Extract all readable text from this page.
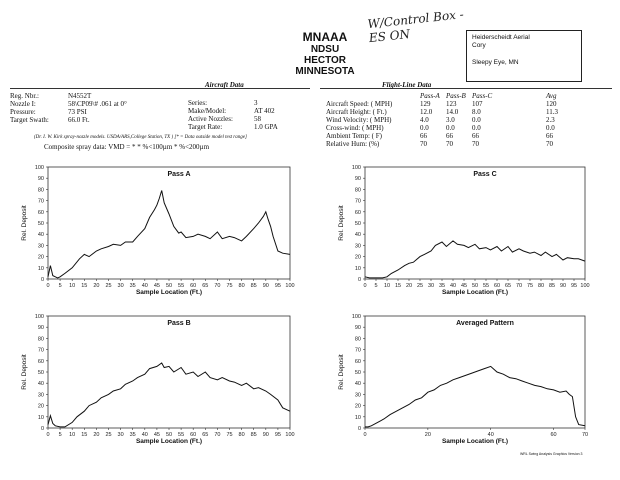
MNAAA
NDSU
HECTOR
MINNESOTA
W/Control Box - ES ON	Heiderscheidt Aerial
Cory
Sleepy Eye, MN
Aircraft Data
Reg. Nbr.:	N4552T
Nozzle I:	58\CP09\# .061 at 0°
Pressure:	73 PSI
Target Swath:	66.0 Ft.
Series:	3
Make/Model:	AT 402
Active Nozzles:	58
Target Rate:	1.0 GPA
(Dr. I. W. Kirk spray-nozzle models. USDA/ARS,College Station, TX ) [* = Data outside model test range]
Composite spray data: VMD = * * %<100µm * %<200µm
Flight-Line Data
Pass-A Pass-B Pass-C	Avg
Aircraft Speed: ( MPH)	129 123 107	120
Aircraft Height: ( Ft.)	12.0 14.0 8.0	11.3
Wind Velocity: ( MPH)	4.0 3.0 0.0	2.3
Cross-wind: ( MPH)	0.0 0.0 0.0	0.0
Ambient Temp: ( F)	66	66	66	66
Relative Hum: (%)	70	70	70	70
0
10
20
30
40
50
60
70
80
90
100
0 5 10 15 20 25 30 35 40 45 50 55 60 65 70 75 80 85 90 95 100
Sample Location (Ft.)
Rel. Deposit
Pass A
0
10
20
30
40
50
60
70
80
90
100
0 5 10 15 20 25 30 35 40 45 50 55 60 65 70 75 80 85 90 95 100
Sample Location (Ft.)
Rel. Deposit
Pass C
0
10
20
30
40
50
60
70
80
90
100
0 5 10 15 20 25 30 35 40 45 50 55 60 65 70 75 80 85 90 95 100
Sample Location (Ft.)
Rel. Deposit
Pass B
0
10
20
30
40
50
60
70
80
90
100
0	20	40	60	70
Sample Location (Ft.)
Rel. Deposit
Averaged Pattern
WRL Swing Analysis Graphics Version 3
